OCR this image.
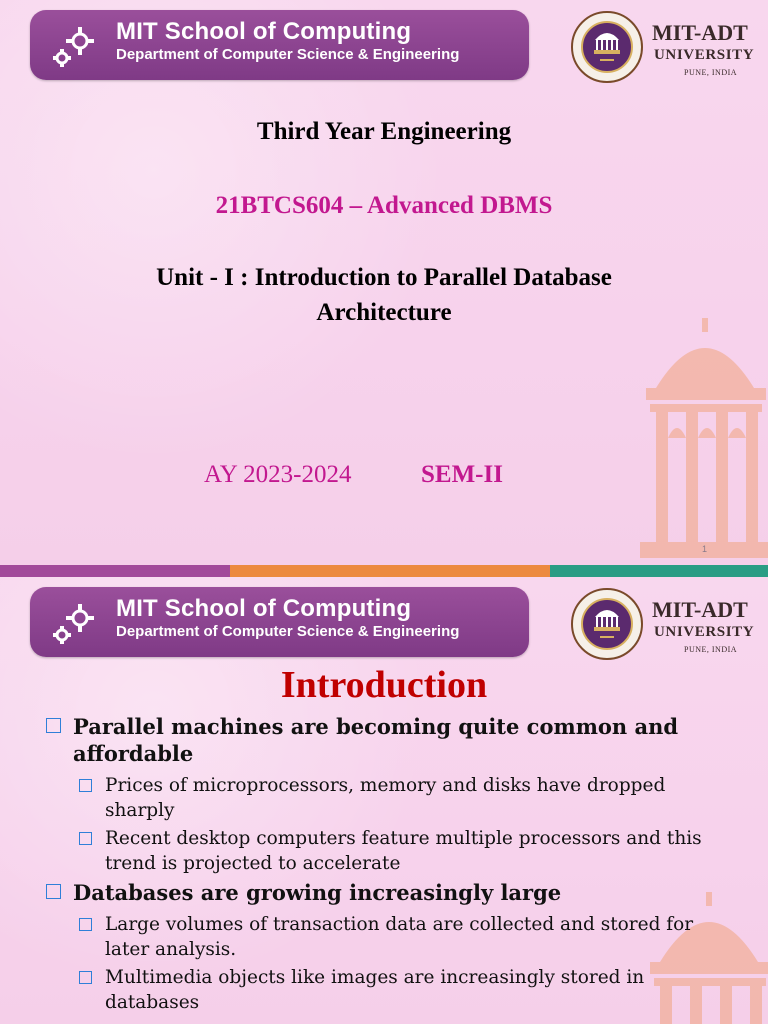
MIT School of Computing
Department of Computer Science & Engineering
MIT-ADT
UNIVERSITY
PUNE, INDIA
Third Year Engineering
21BTCS604 – Advanced DBMS
Unit - I : Introduction to Parallel Database
Architecture
AY 2023-2024	SEM-II
1
MIT School of Computing
Department of Computer Science & Engineering
MIT-ADT
UNIVERSITY
PUNE, INDIA
Introduction
Parallel machines are becoming quite common and affordable
Prices of microprocessors, memory and disks have dropped sharply
Recent desktop computers feature multiple processors and this trend is projected to accelerate
Databases are growing increasingly large
Large volumes of transaction data are collected and stored for later analysis.
Multimedia objects like images are increasingly stored in databases
